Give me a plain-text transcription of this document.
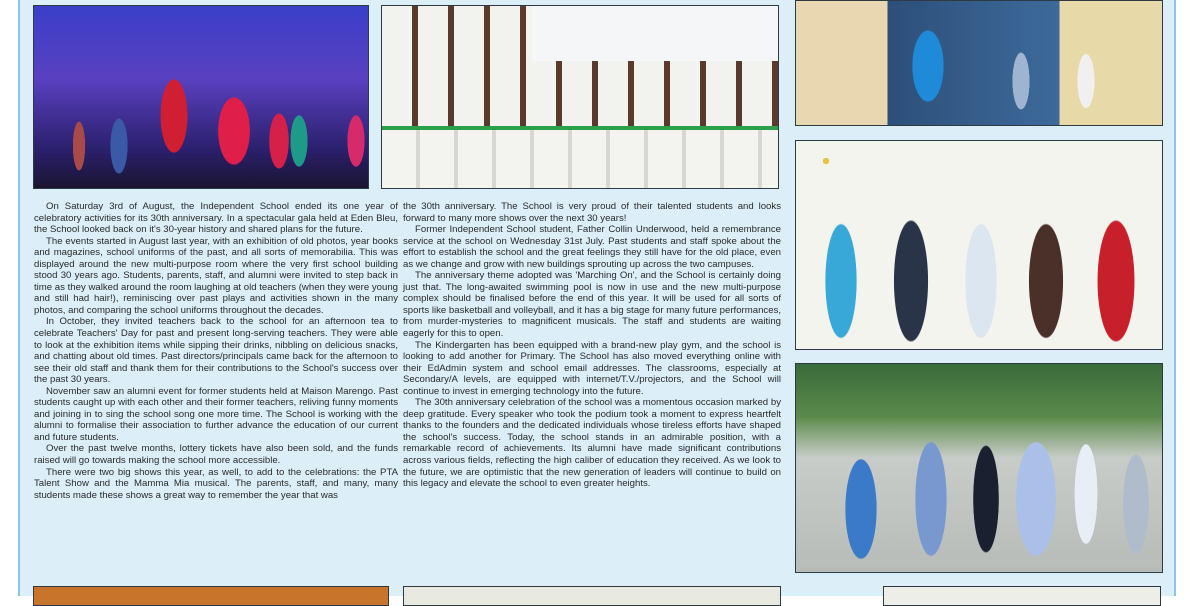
On Saturday 3rd of August, the Independent School ended its one year of celebratory activities for its 30th anniversary. In a spectacular gala held at Eden Bleu, the School looked back on it's 30-year history and shared plans for the future.

The events started in August last year, with an exhibition of old photos, year books and magazines, school uniforms of the past, and all sorts of memorabilia. This was displayed around the new multi-purpose room where the very first school building stood 30 years ago. Students, parents, staff, and alumni were invited to step back in time as they walked around the room laughing at old teachers (when they were young and still had hair!), reminiscing over past plays and activities shown in the many photos, and comparing the school uniforms throughout the decades.

In October, they invited teachers back to the school for an afternoon tea to celebrate Teachers' Day for past and present long-serving teachers. They were able to look at the exhibition items while sipping their drinks, nibbling on delicious snacks, and chatting about old times. Past directors/principals came back for the afternoon to see their old staff and thank them for their contributions to the School's success over the past 30 years.

November saw an alumni event for former students held at Maison Marengo. Past students caught up with each other and their former teachers, reliving funny moments and joining in to sing the school song one more time. The School is working with the alumni to formalise their association to further advance the education of our current and future students.

Over the past twelve months, lottery tickets have also been sold, and the funds raised will go towards making the school more accessible.

There were two big shows this year, as well, to add to the celebrations: the PTA Talent Show and the Mamma Mia musical. The parents, staff, and many, many students made these shows a great way to remember the year that was

the 30th anniversary. The School is very proud of their talented students and looks forward to many more shows over the next 30 years!

Former Independent School student, Father Collin Underwood, held a remembrance service at the school on Wednesday 31st July. Past students and staff spoke about the effort to establish the school and the great feelings they still have for the old place, even as we change and grow with new buildings sprouting up across the two campuses.

The anniversary theme adopted was 'Marching On', and the School is certainly doing just that. The long-awaited swimming pool is now in use and the new multi-purpose complex should be finalised before the end of this year. It will be used for all sorts of sports like basketball and volleyball, and it has a big stage for many future performances, from murder-mysteries to magnificent musicals. The staff and students are waiting eagerly for this to open.

The Kindergarten has been equipped with a brand-new play gym, and the school is looking to add another for Primary. The School has also moved everything online with their EdAdmin system and school email addresses. The classrooms, especially at Secondary/A levels, are equipped with internet/T.V./projectors, and the School will continue to invest in emerging technology into the future.

The 30th anniversary celebration of the school was a momentous occasion marked by deep gratitude. Every speaker who took the podium took a moment to express heartfelt thanks to the founders and the dedicated individuals whose tireless efforts have shaped the school's success. Today, the school stands in an admirable position, with a remarkable record of achievements. Its alumni have made significant contributions across various fields, reflecting the high caliber of education they received. As we look to the future, we are optimistic that the new generation of leaders will continue to build on this legacy and elevate the school to even greater heights.
